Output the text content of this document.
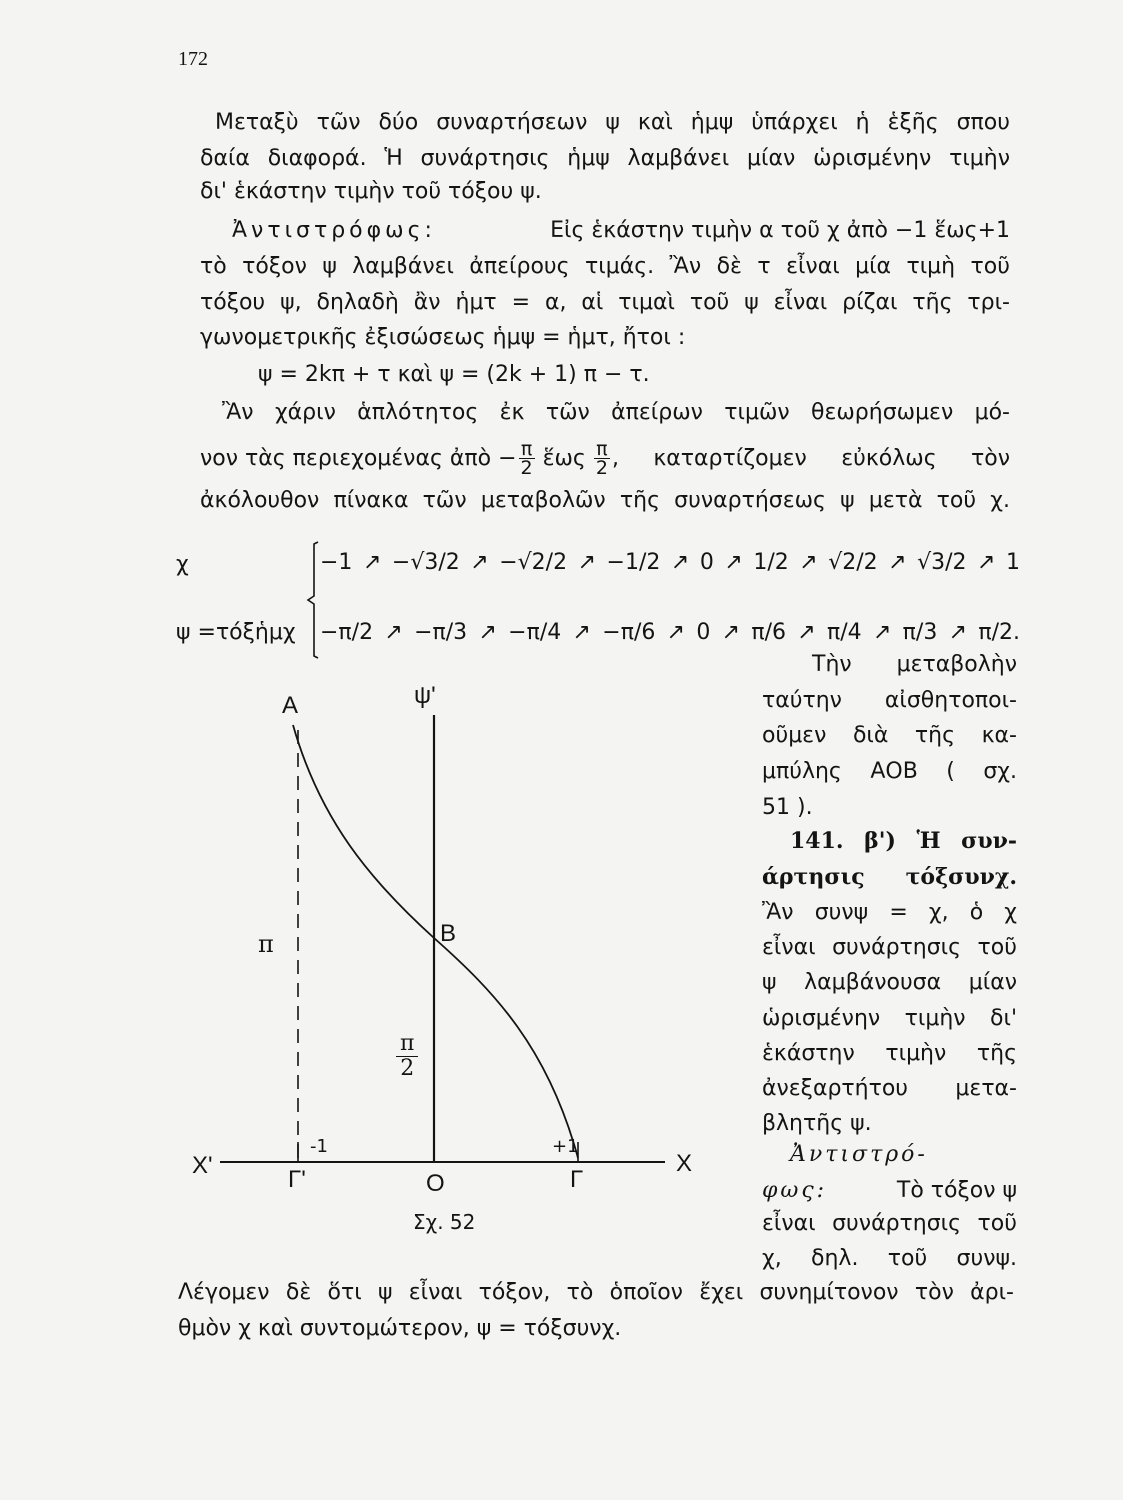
172
Μεταξὺ τῶν δύο συναρτήσεων ψ καὶ ἡμψ ὑπάρχει ἡ ἑξῆς σπου
δαία διαφορά. Ἡ συνάρτησις ἡμψ λαμβάνει μίαν ὡρισμένην τιμὴν
δι' ἑκάστην τιμὴν τοῦ τόξου ψ.
Ἀντιστρόφως:	Εἰς ἑκάστην τιμὴν α τοῦ χ ἀπὸ −1 ἕως+1
τὸ τόξον ψ λαμβάνει ἀπείρους τιμάς. Ἂν δὲ τ εἶναι μία τιμὴ τοῦ
τόξου ψ, δηλαδὴ ἂν ἡμτ = α, αἱ τιμαὶ τοῦ ψ εἶναι ρίζαι τῆς τρι-
γωνομετρικῆς ἐξισώσεως ἡμψ = ἡμτ, ἤτοι :
ψ = 2kπ + τ καὶ ψ = (2k + 1) π − τ.
Ἂν χάριν ἁπλότητος ἐκ τῶν ἀπείρων τιμῶν θεωρήσωμεν μό-
νον τὰς περιεχομένας ἀπὸ − $\frac{\pi}{2}$ ἕως $\frac{\pi}{2}$ , καταρτίζομεν εὐκόλως τὸν
ἀκόλουθον πίνακα τῶν μεταβολῶν τῆς συναρτήσεως ψ μετὰ τοῦ χ.
χ	−1 ↗ −√3/2 ↗ −√2/2 ↗ −1/2 ↗ 0 ↗ 1/2 ↗ √2/2 ↗ √3/2 ↗ 1
ψ =τόξἡμχ −π/2 ↗ −π/3 ↗ −π/4 ↗ −π/6 ↗ 0 ↗ π/6 ↗ π/4 ↗ π/3 ↗ π/2.
A	ψ'
B
π
$\frac{\pi}{2}$
-1	+1
X'
Γ'	O	Γ
X
Σχ. 52
Τὴν μεταβολὴν
ταύτην αἰσθητοποι-
οῦμεν διὰ τῆς κα-
μπύλης ΑΟΒ ( σχ.
51 ).
141. β') Ἡ συν-
άρτησις τόξσυνχ.
Ἂν συνψ = χ, ὁ χ
εἶναι συνάρτησις τοῦ
ψ λαμβάνουσα μίαν
ὡρισμένην τιμὴν δι'
ἑκάστην τιμὴν τῆς
ἀνεξαρτήτου μετα-
βλητῆς ψ.
Ἀντιστρό-
φως:	Τὸ τόξον ψ
εἶναι συνάρτησις τοῦ
χ, δηλ. τοῦ συνψ.
Λέγομεν δὲ ὅτι ψ εἶναι τόξον, τὸ ὁποῖον ἔχει συνημίτονον τὸν ἀρι-
θμὸν χ καὶ συντομώτερον, ψ = τόξσυνχ.
